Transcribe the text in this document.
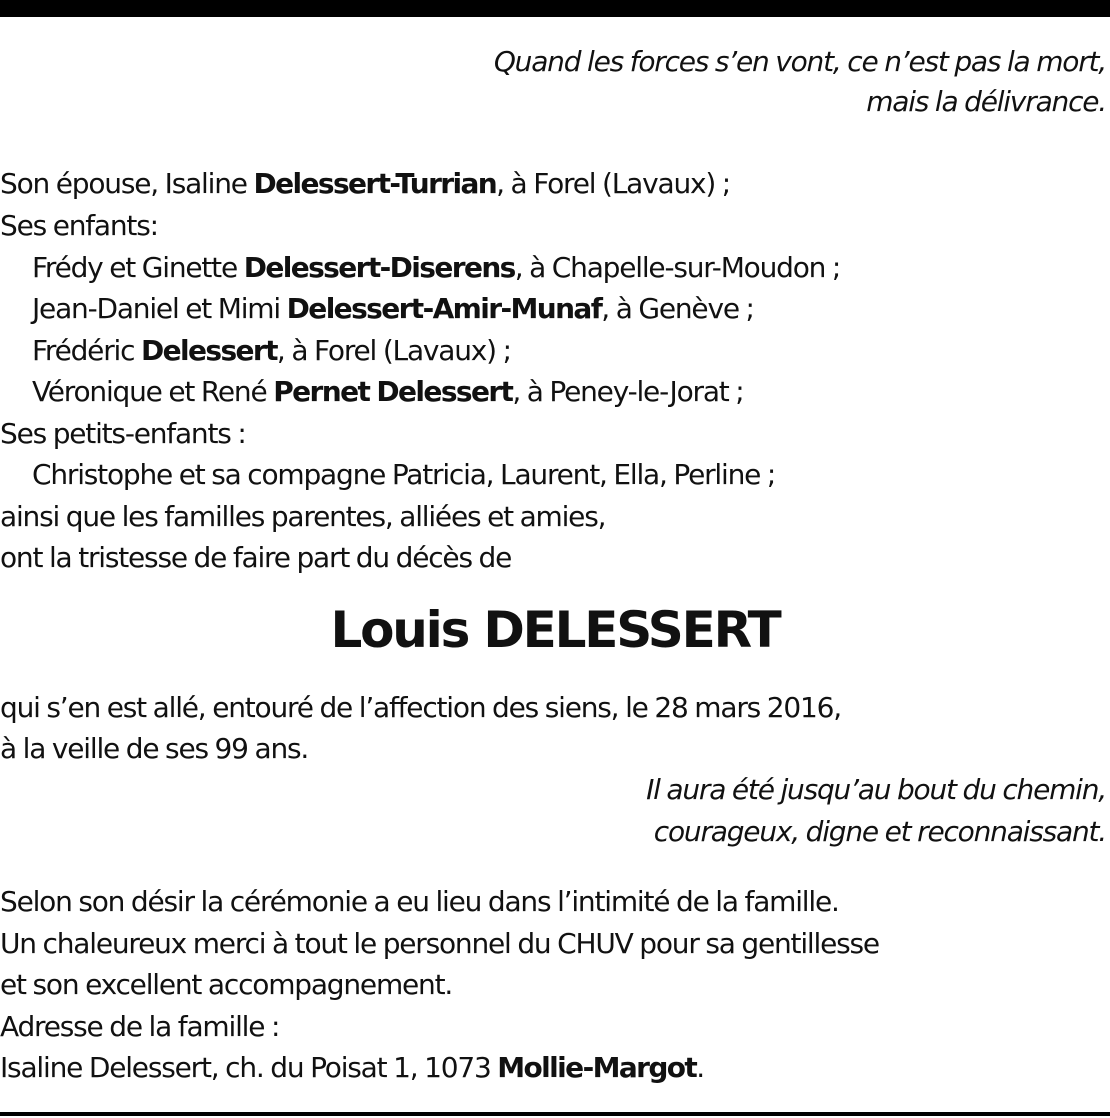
Quand les forces s’en vont, ce n’est pas la mort,
mais la délivrance.
Son épouse, Isaline Delessert-Turrian, à Forel (Lavaux) ;
Ses enfants:
Frédy et Ginette Delessert-Diserens, à Chapelle-sur-Moudon ;
Jean-Daniel et Mimi Delessert-Amir-Munaf, à Genève ;
Frédéric Delessert, à Forel (Lavaux) ;
Véronique et René Pernet Delessert, à Peney-le-Jorat ;
Ses petits-enfants :
Christophe et sa compagne Patricia, Laurent, Ella, Perline ;
ainsi que les familles parentes, alliées et amies,
ont la tristesse de faire part du décès de
Louis DELESSERT
qui s’en est allé, entouré de l’affection des siens, le 28 mars 2016,
à la veille de ses 99 ans.
Il aura été jusqu’au bout du chemin,
courageux, digne et reconnaissant.
Selon son désir la cérémonie a eu lieu dans l’intimité de la famille.
Un chaleureux merci à tout le personnel du CHUV pour sa gentillesse
et son excellent accompagnement.
Adresse de la famille :
Isaline Delessert, ch. du Poisat 1, 1073 Mollie-Margot.
